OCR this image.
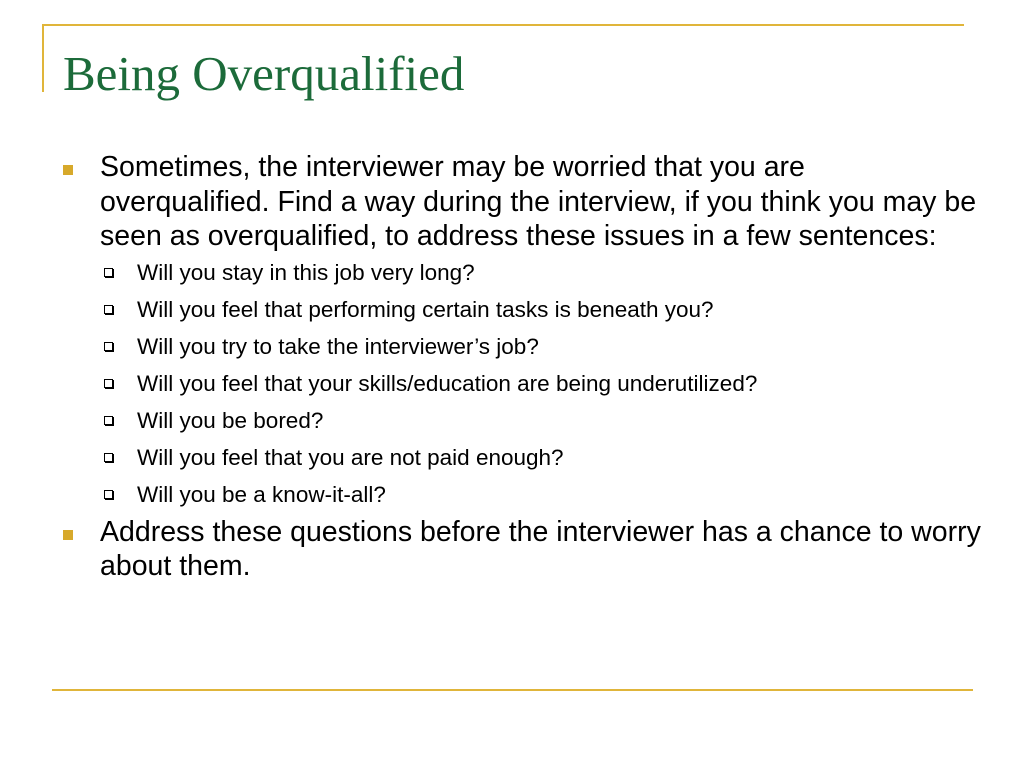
Being Overqualified
Sometimes, the interviewer may be worried that you are overqualified. Find a way during the interview, if you think you may be seen as overqualified, to address these issues in a few sentences:
Will you stay in this job very long?
Will you feel that performing certain tasks is beneath you?
Will you try to take the interviewer’s job?
Will you feel that your skills/education are being underutilized?
Will you be bored?
Will you feel that you are not paid enough?
Will you be a know-it-all?
Address these questions before the interviewer has a chance to worry about them.
